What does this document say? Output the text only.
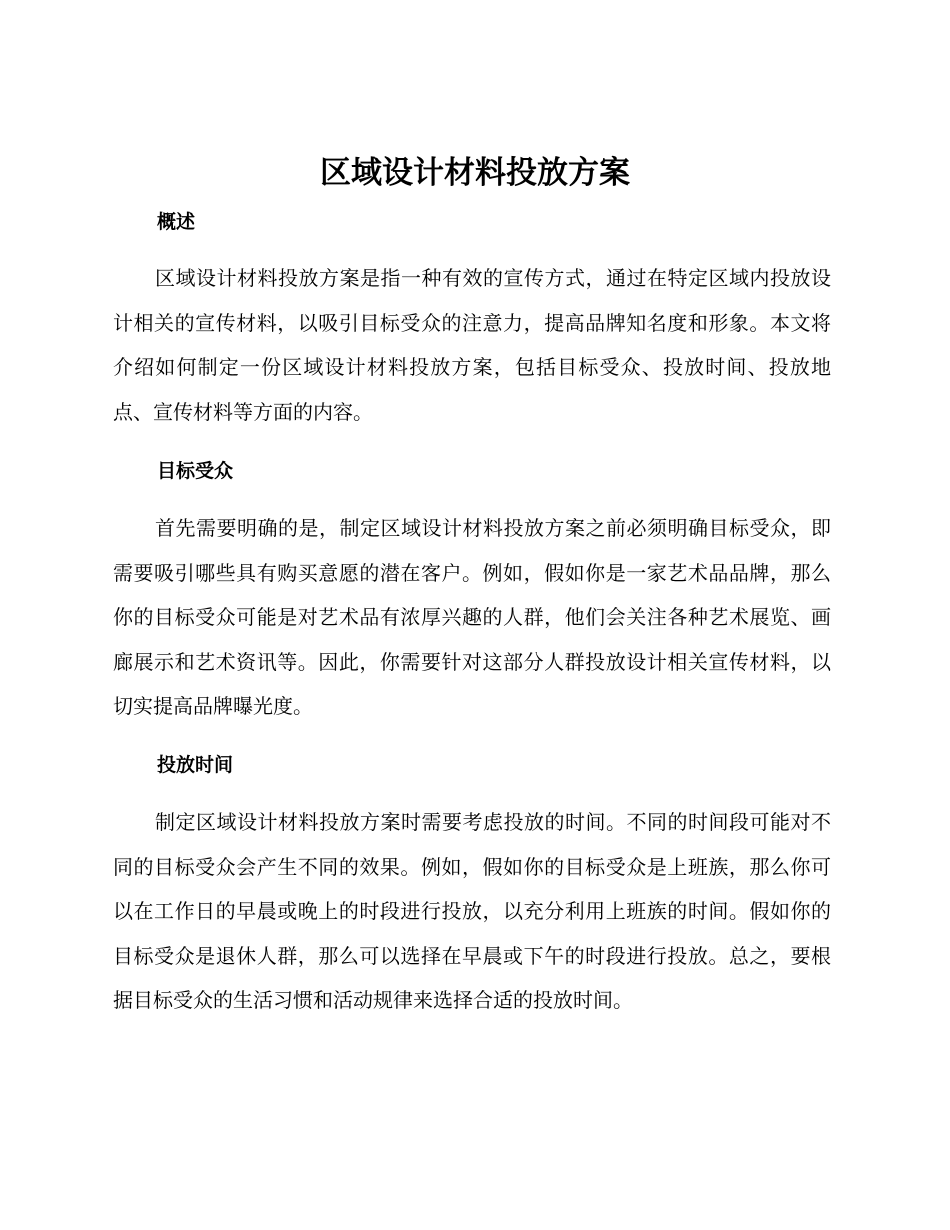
区域设计材料投放方案
概述

区域设计材料投放方案是指一种有效的宣传方式，通过在特定区域内投放设计相关的宣传材料，以吸引目标受众的注意力，提高品牌知名度和形象。本文将介绍如何制定一份区域设计材料投放方案，包括目标受众、投放时间、投放地点、宣传材料等方面的内容。

目标受众

首先需要明确的是，制定区域设计材料投放方案之前必须明确目标受众，即需要吸引哪些具有购买意愿的潜在客户。例如，假如你是一家艺术品品牌，那么你的目标受众可能是对艺术品有浓厚兴趣的人群，他们会关注各种艺术展览、画廊展示和艺术资讯等。因此，你需要针对这部分人群投放设计相关宣传材料，以切实提高品牌曝光度。

投放时间

制定区域设计材料投放方案时需要考虑投放的时间。不同的时间段可能对不同的目标受众会产生不同的效果。例如，假如你的目标受众是上班族，那么你可以在工作日的早晨或晚上的时段进行投放，以充分利用上班族的时间。假如你的目标受众是退休人群，那么可以选择在早晨或下午的时段进行投放。总之，要根据目标受众的生活习惯和活动规律来选择合适的投放时间。
